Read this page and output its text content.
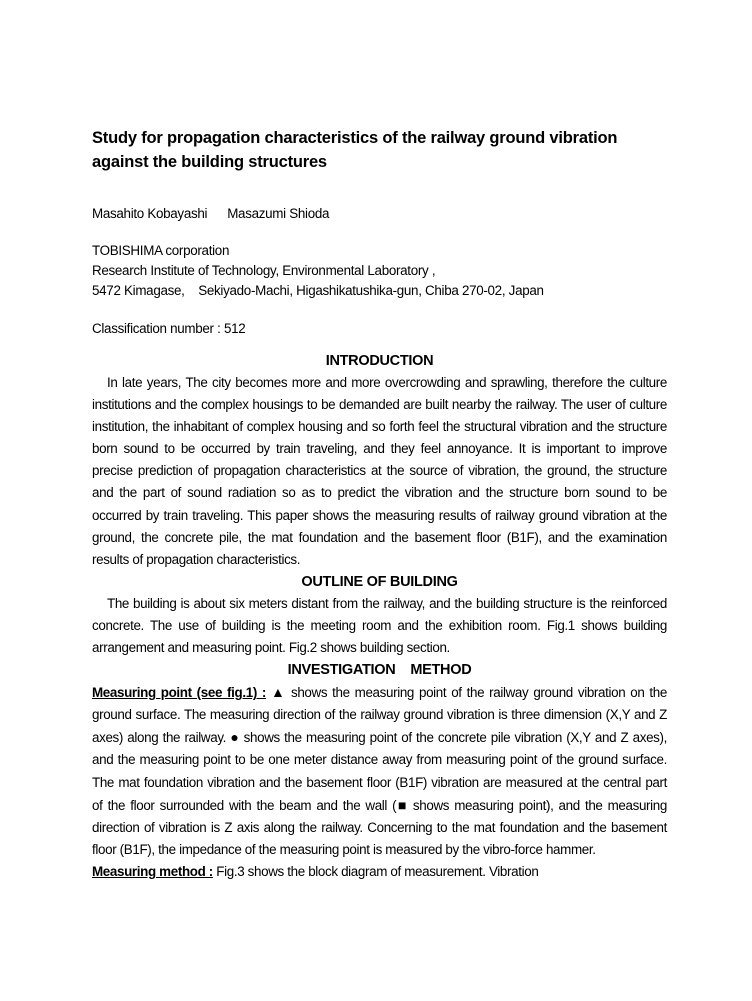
Study for propagation characteristics of the railway ground vibration against the building structures
Masahito Kobayashi Masazumi Shioda
TOBISHIMA corporation
Research Institute of Technology, Environmental Laboratory ,
5472 Kimagase,    Sekiyado-Machi, Higashikatushika-gun, Chiba 270-02, Japan
Classification number : 512
INTRODUCTION

In late years, The city becomes more and more overcrowding and sprawling, therefore the culture institutions and the complex housings to be demanded are built nearby the railway. The user of culture institution, the inhabitant of complex housing and so forth feel the structural vibration and the structure born sound to be occurred by train traveling, and they feel annoyance. It is important to improve precise prediction of propagation characteristics at the source of vibration, the ground, the structure and the part of sound radiation so as to predict the vibration and the structure born sound to be occurred by train traveling. This paper shows the measuring results of railway ground vibration at the ground, the concrete pile, the mat foundation and the basement floor (B1F), and the examination results of propagation characteristics.

OUTLINE OF BUILDING

The building is about six meters distant from the railway, and the building structure is the reinforced concrete. The use of building is the meeting room and the exhibition room. Fig.1 shows building arrangement and measuring point. Fig.2 shows building section.

INVESTIGATION    METHOD

Measuring point (see fig.1) : ▲ shows the measuring point of the railway ground vibration on the ground surface. The measuring direction of the railway ground vibration is three dimension (X,Y and Z axes) along the railway. ● shows the measuring point of the concrete pile vibration (X,Y and Z axes), and the measuring point to be one meter distance away from measuring point of the ground surface. The mat foundation vibration and the basement floor (B1F) vibration are measured at the central part of the floor surrounded with the beam and the wall (■ shows measuring point), and the measuring direction of vibration is Z axis along the railway. Concerning to the mat foundation and the basement floor (B1F), the impedance of the measuring point is measured by the vibro-force hammer.

Measuring method : Fig.3 shows the block diagram of measurement. Vibration
